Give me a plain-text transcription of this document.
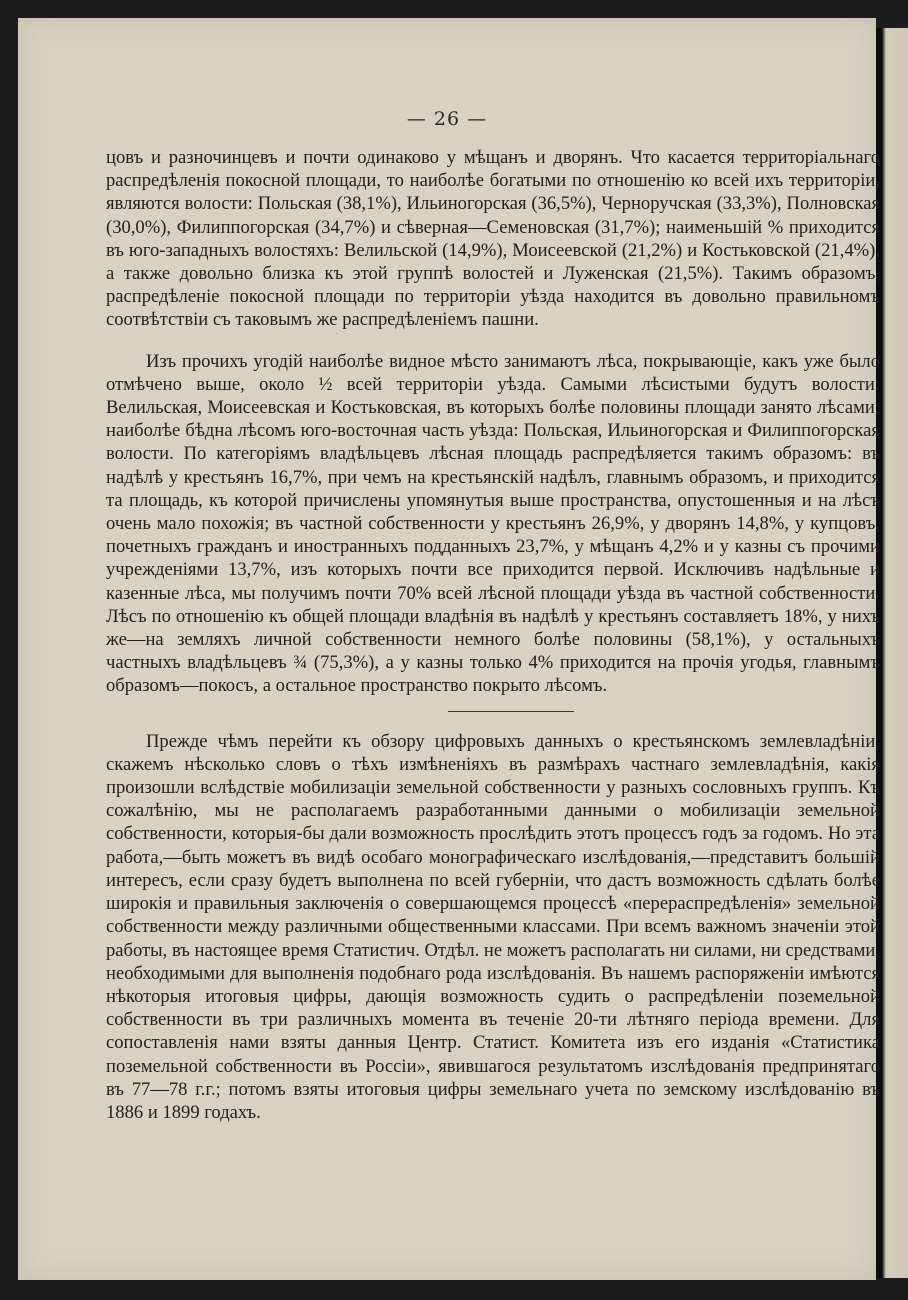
— 26 —

цовъ и разночинцевъ и почти одинаково у мѣщанъ и дворянъ. Что касается территоріальнаго распредѣленія покосной площади, то наиболѣе богатыми по отношенію ко всей ихъ территоріи, являются волости: Польская (38,1%), Ильиногорская (36,5%), Черноручская (33,3%), Полновская (30,0%), Филиппогорская (34,7%) и сѣверная—Семеновская (31,7%); наименьшій % приходится въ юго-западныхъ волостяхъ: Велильской (14,9%), Моисеевской (21,2%) и Костьковской (21,4%), а также довольно близка къ этой группѣ волостей и Луженская (21,5%). Такимъ образомъ, распредѣленіе покосной площади по территоріи уѣзда находится въ довольно правильномъ соотвѣтствіи съ таковымъ же распредѣленіемъ пашни.

Изъ прочихъ угодій наиболѣе видное мѣсто занимаютъ лѣса, покрывающіе, какъ уже было отмѣчено выше, около ½ всей территоріи уѣзда. Самыми лѣсистыми будутъ волости: Велильская, Моисеевская и Костьковская, въ которыхъ болѣе половины площади занято лѣсами; наиболѣе бѣдна лѣсомъ юго-восточная часть уѣзда: Польская, Ильиногорская и Филиппогорская волости. По категоріямъ владѣльцевъ лѣсная площадь распредѣляется такимъ образомъ: въ надѣлѣ у крестьянъ 16,7%, при чемъ на крестьянскій надѣлъ, главнымъ образомъ, и приходится та площадь, къ которой причислены упомянутыя выше пространства, опустошенныя и на лѣсъ очень мало похожія; въ частной собственности у крестьянъ 26,9%, у дворянъ 14,8%, у купцовъ, почетныхъ гражданъ и иностранныхъ подданныхъ 23,7%, у мѣщанъ 4,2% и у казны съ прочими учрежденіями 13,7%, изъ которыхъ почти все приходится первой. Исключивъ надѣльные и казенные лѣса, мы получимъ почти 70% всей лѣсной площади уѣзда въ частной собственности. Лѣсъ по отношенію къ общей площади владѣнія въ надѣлѣ у крестьянъ составляетъ 18%, у нихъ же—на земляхъ личной собственности немного болѣе половины (58,1%), у остальныхъ частныхъ владѣльцевъ ¾ (75,3%), а у казны только 4% приходится на прочія угодья, главнымъ образомъ—покосъ, а остальное пространство покрыто лѣсомъ.

Прежде чѣмъ перейти къ обзору цифровыхъ данныхъ о крестьянскомъ землевладѣніи, скажемъ нѣсколько словъ о тѣхъ измѣненіяхъ въ размѣрахъ частнаго землевладѣнія, какія произошли вслѣдствіе мобилизаціи земельной собственности у разныхъ сословныхъ группъ. Къ сожалѣнію, мы не располагаемъ разработанными данными о мобилизаціи земельной собственности, которыя-бы дали возможность прослѣдить этотъ процессъ годъ за годомъ. Но эта работа,—быть можетъ въ видѣ особаго монографическаго изслѣдованія,—представитъ большій интересъ, если сразу будетъ выполнена по всей губерніи, что дастъ возможность сдѣлать болѣе широкія и правильныя заключенія о совершающемся процессѣ «перераспредѣленія» земельной собственности между различными общественными классами. При всемъ важномъ значеніи этой работы, въ настоящее время Статистич. Отдѣл. не можетъ располагать ни силами, ни средствами, необходимыми для выполненія подобнаго рода изслѣдованія. Въ нашемъ распоряженіи имѣются нѣкоторыя итоговыя цифры, дающія возможность судить о распредѣленіи поземельной собственности въ три различныхъ момента въ теченіе 20-ти лѣтняго періода времени. Для сопоставленія нами взяты данныя Центр. Статист. Комитета изъ его изданія «Статистика поземельной собственности въ Россіи», явившагося результатомъ изслѣдованія предпринятаго въ 77—78 г.г.; потомъ взяты итоговыя цифры земельнаго учета по земскому изслѣдованію въ 1886 и 1899 годахъ.
